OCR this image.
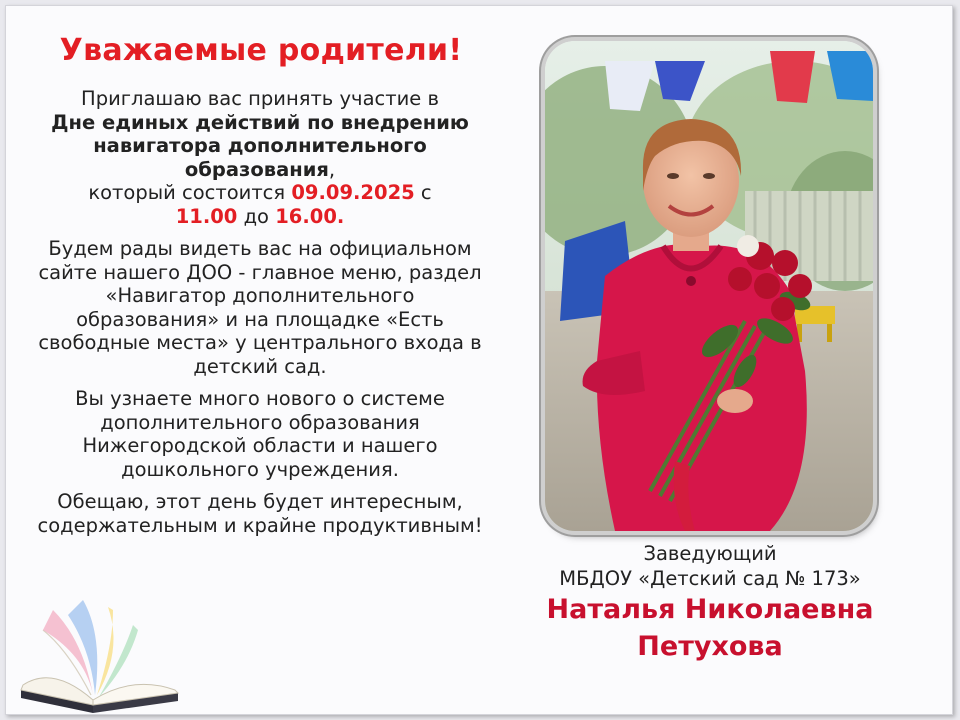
Уважаемые родители!

Приглашаю вас принять участие в
Дне единых действий по внедрению навигатора дополнительного образования,
который состоится 09.09.2025 с
11.00 до 16.00.

Будем рады видеть вас на официальном сайте нашего ДОО - главное меню, раздел «Навигатор дополнительного образования» и на площадке «Есть свободные места» у центрального входа в детский сад.

Вы узнаете много нового о системе дополнительного образования Нижегородской области и нашего дошкольного учреждения.

Обещаю, этот день будет интересным, содержательным и крайне продуктивным!

Заведующий
МБДОУ «Детский сад № 173»
Наталья Николаевна
Петухова
